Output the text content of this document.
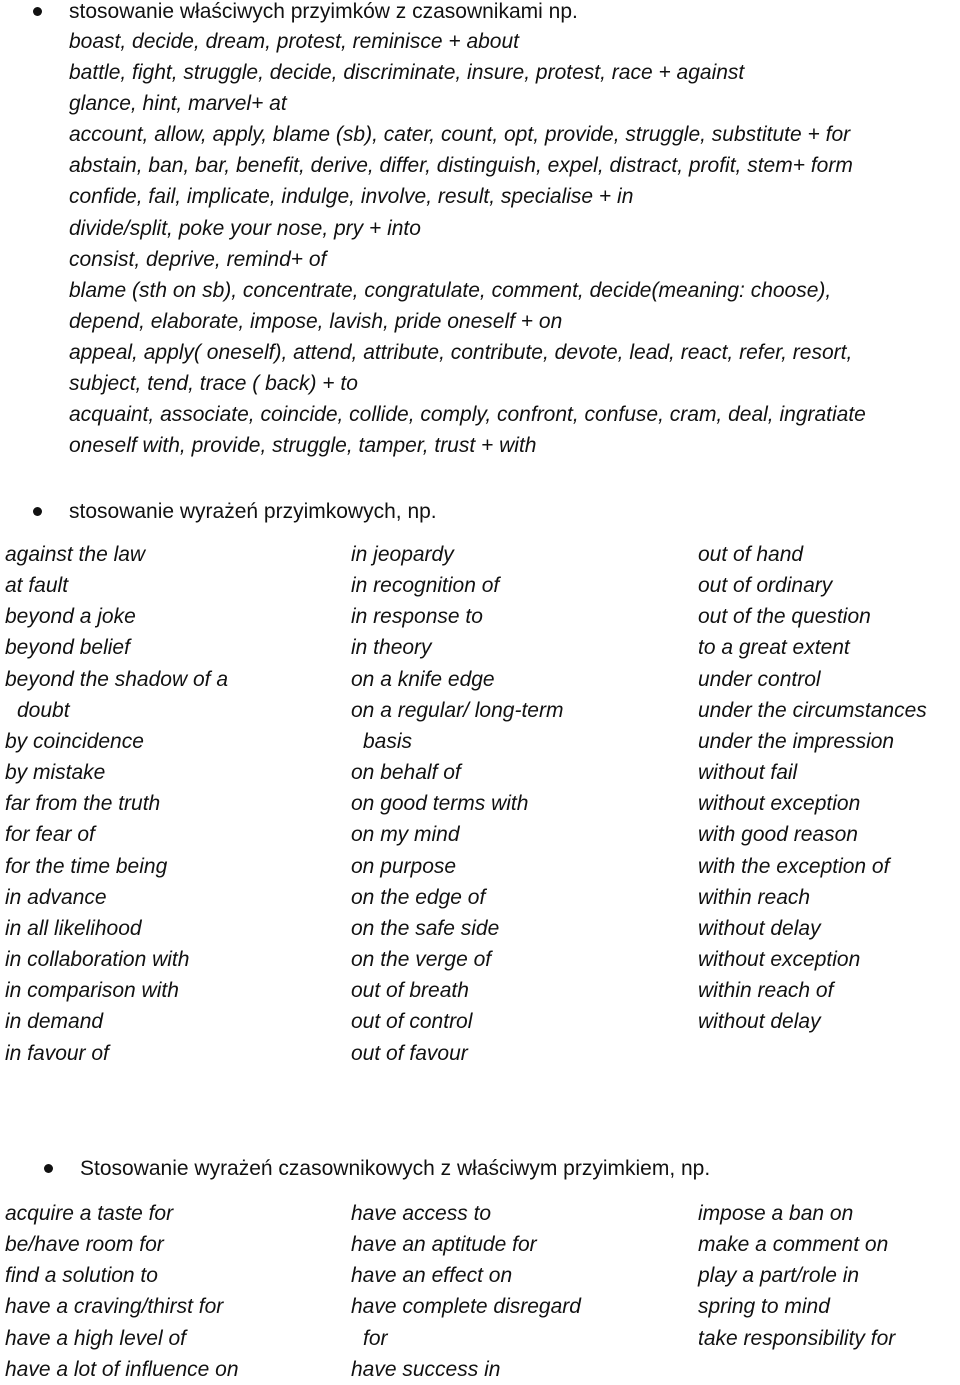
stosowanie właściwych przyimków z czasownikami np.
boast, decide, dream, protest, reminisce + about
battle, fight, struggle, decide, discriminate, insure, protest, race + against
glance, hint, marvel+ at
account, allow, apply, blame (sb), cater, count, opt, provide, struggle, substitute + for
abstain, ban, bar, benefit, derive, differ, distinguish, expel, distract, profit, stem+ form
confide, fail, implicate, indulge, involve, result, specialise + in
divide/split, poke your nose, pry + into
consist, deprive, remind+ of
blame (sth on sb), concentrate, congratulate, comment, decide(meaning: choose),
depend, elaborate, impose, lavish, pride oneself + on
appeal, apply( oneself), attend, attribute, contribute, devote, lead, react, refer, resort,
subject, tend, trace ( back) + to
acquaint, associate, coincide, collide, comply, confront, confuse, cram, deal, ingratiate
oneself with, provide, struggle, tamper, trust + with
stosowanie wyrażeń przyimkowych, np.
against the law
at fault
beyond a joke
beyond belief
beyond the shadow of a
doubt
by coincidence
by mistake
far from the truth
for fear of
for the time being
in advance
in all likelihood
in collaboration with
in comparison with
in demand
in favour of
in jeopardy
in recognition of
in response to
in theory
on a knife edge
on a regular/ long-term
basis
on behalf of
on good terms with
on my mind
on purpose
on the edge of
on the safe side
on the verge of
out of breath
out of control
out of favour
out of hand
out of ordinary
out of the question
to a great extent
under control
under the circumstances
under the impression
without fail
without exception
with good reason
with the exception of
within reach
without delay
without exception
within reach of
without delay
Stosowanie wyrażeń czasownikowych z właściwym przyimkiem, np.
acquire a taste for
be/have room for
find a solution to
have a craving/thirst for
have a high level of
have a lot of influence on
have access to
have an aptitude for
have an effect on
have complete disregard
for
have success in
impose a ban on
make a comment on
play a part/role in
spring to mind
take responsibility for
